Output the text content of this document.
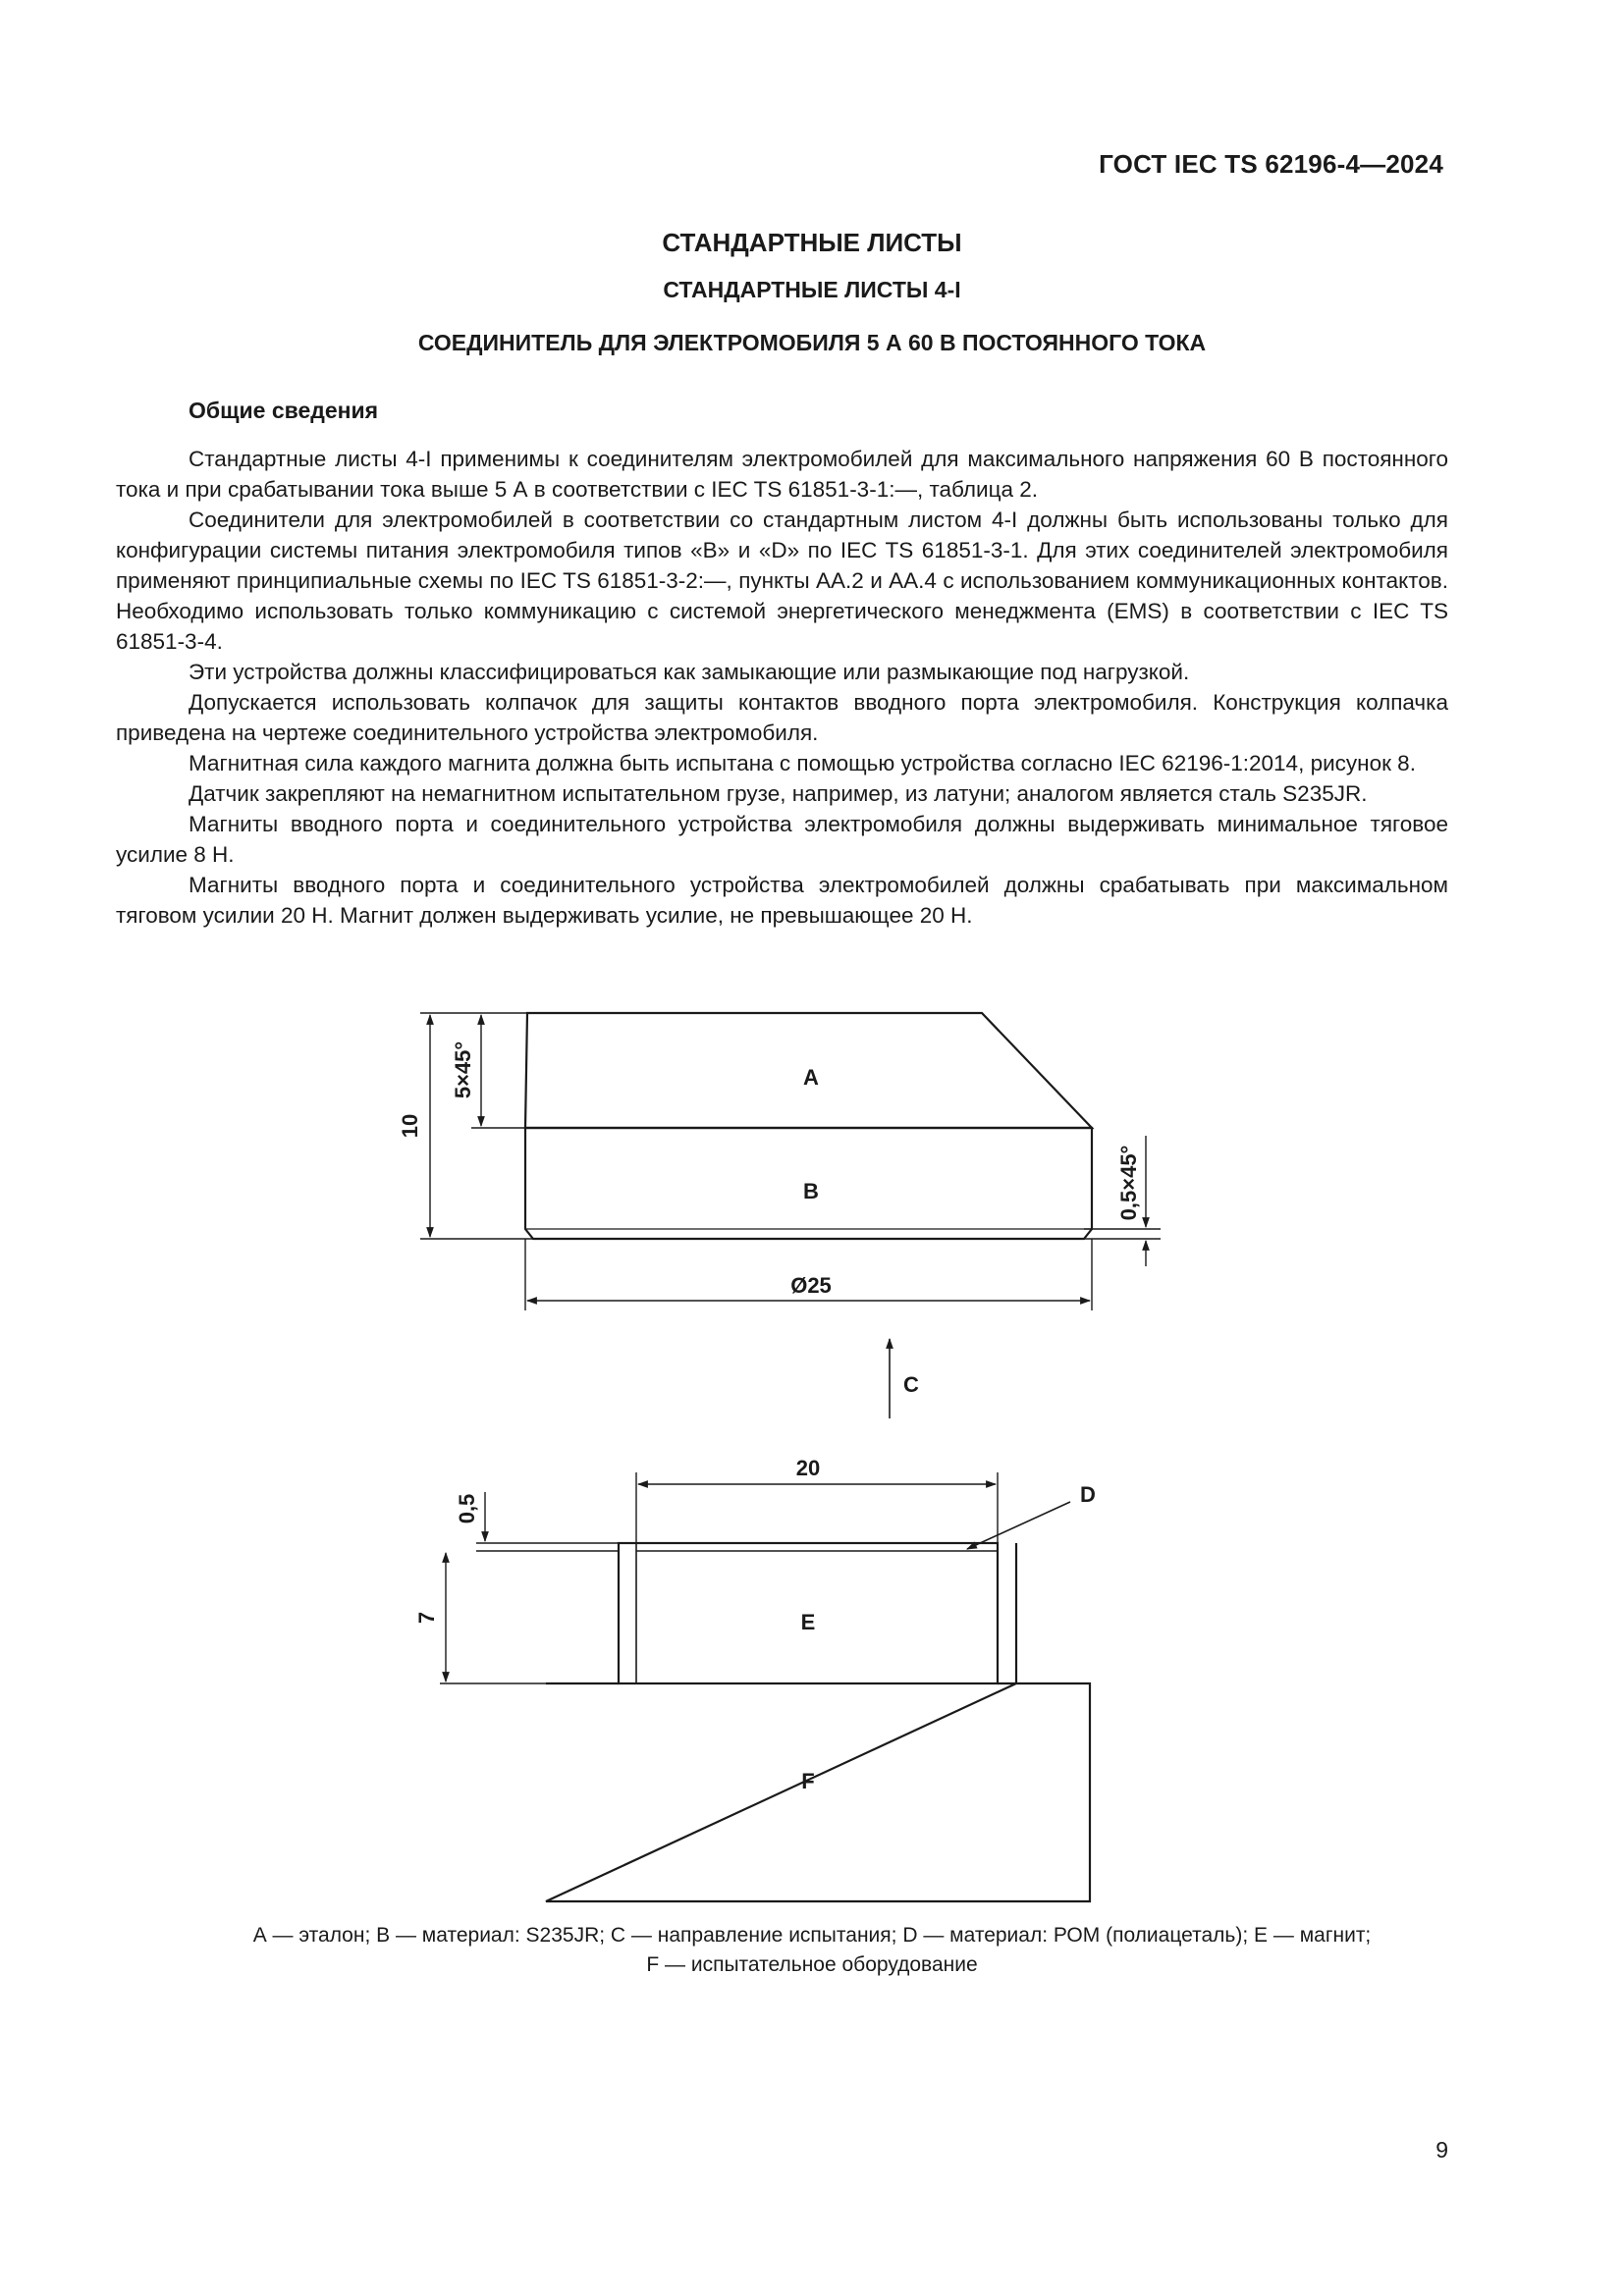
ГОСТ IEC TS 62196-4—2024
СТАНДАРТНЫЕ ЛИСТЫ
СТАНДАРТНЫЕ ЛИСТЫ 4-I
СОЕДИНИТЕЛЬ ДЛЯ ЭЛЕКТРОМОБИЛЯ 5 А 60 В ПОСТОЯННОГО ТОКА
Общие сведения

Стандартные листы 4-I применимы к соединителям электромобилей для максимального напряжения 60 В постоянного тока и при срабатывании тока выше 5 А в соответствии с IEC TS 61851-3-1:—, таблица 2.

Соединители для электромобилей в соответствии со стандартным листом 4-I должны быть использованы только для конфигурации системы питания электромобиля типов «В» и «D» по IEC TS 61851-3-1. Для этих соединителей электромобиля применяют принципиальные схемы по IEC TS 61851-3-2:—, пункты АА.2 и АА.4 с использованием коммуникационных контактов. Необходимо использовать только коммуникацию с системой энергетического менеджмента (EMS) в соответствии с IEC TS 61851-3-4.

Эти устройства должны классифицироваться как замыкающие или размыкающие под нагрузкой.

Допускается использовать колпачок для защиты контактов вводного порта электромобиля. Конструкция колпачка приведена на чертеже соединительного устройства электромобиля.

Магнитная сила каждого магнита должна быть испытана с помощью устройства согласно IEC 62196-1:2014, рисунок 8.

Датчик закрепляют на немагнитном испытательном грузе, например, из латуни; аналогом является сталь S235JR.

Магниты вводного порта и соединительного устройства электромобиля должны выдерживать минимальное тяговое усилие 8 Н.

Магниты вводного порта и соединительного устройства электромобилей должны срабатывать при максимальном тяговом усилии 20 Н. Магнит должен выдерживать усилие, не превышающее 20 Н.

А
В
С
D
Е
F
Ø25
20
10
5×45°
0,5×45°
0,5
7
А — эталон; В — материал: S235JR; С — направление испытания; D — материал: РОМ (полиацеталь); Е — магнит;
F — испытательное оборудование
9
